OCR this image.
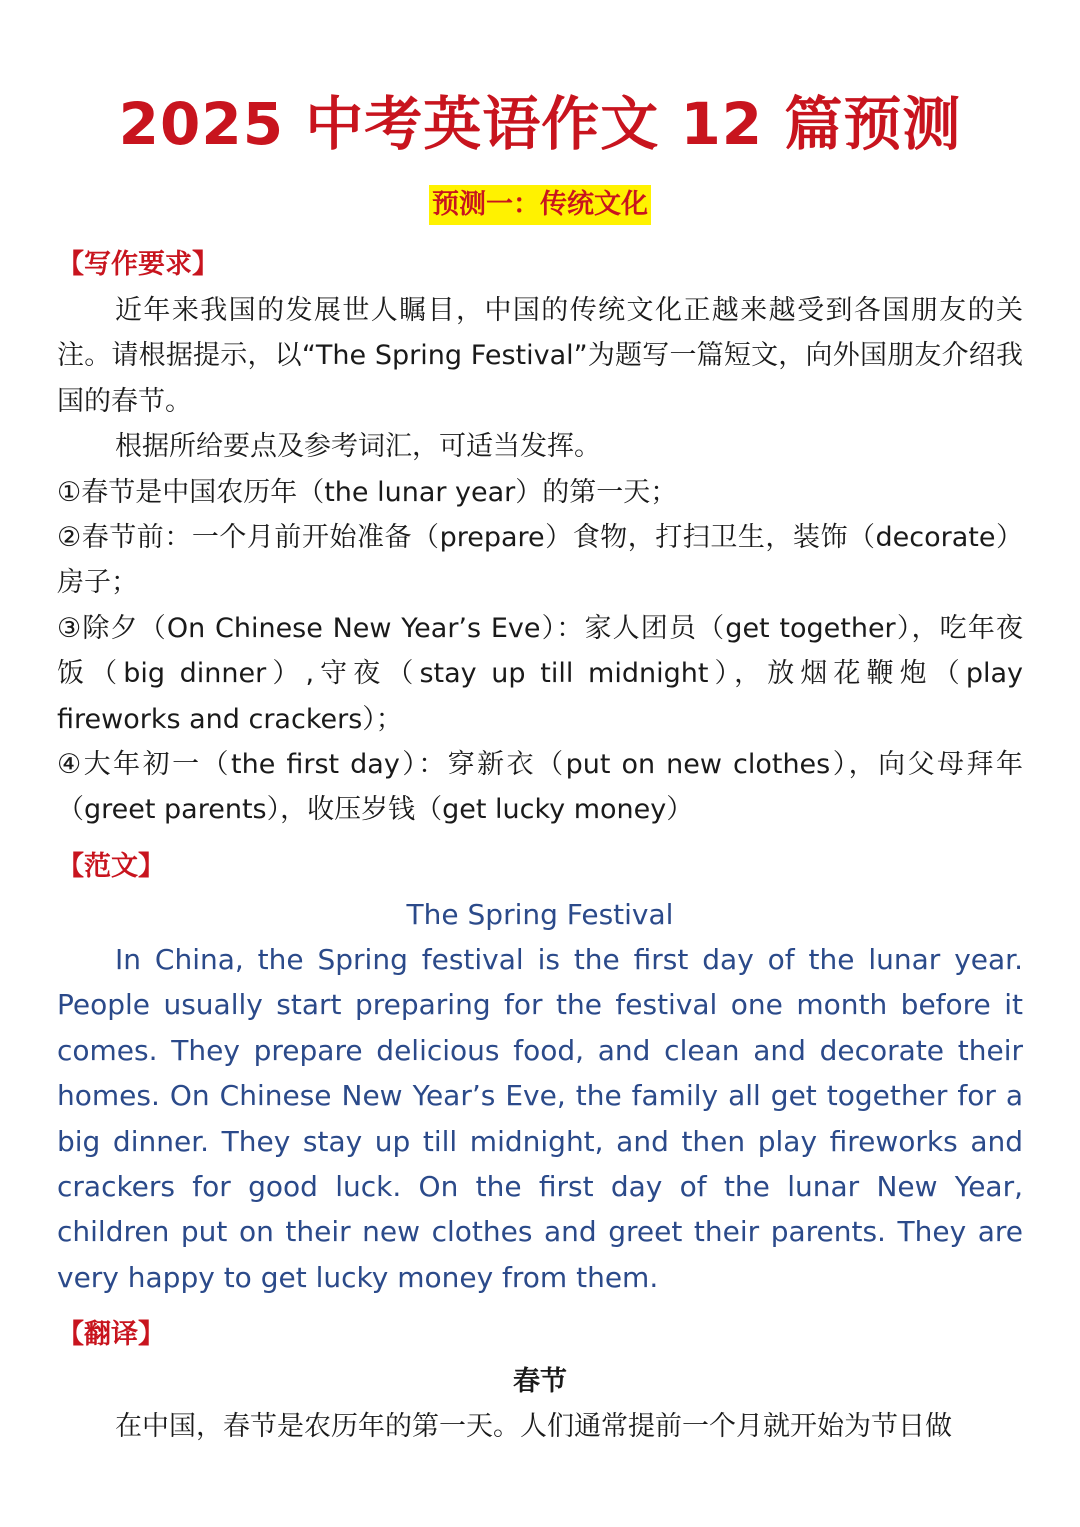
2025 中考英语作文 12 篇预测
预测一：传统文化
【写作要求】

近年来我国的发展世人瞩目，中国的传统文化正越来越受到各国朋友的关注。请根据提示，以“The Spring Festival”为题写一篇短文，向外国朋友介绍我国的春节。

根据所给要点及参考词汇，可适当发挥。

①春节是中国农历年（the lunar year）的第一天；

②春节前：一个月前开始准备（prepare）食物，打扫卫生，装饰（decorate）房子；

③除夕（On Chinese New Year’s Eve）：家人团员（get together），吃年夜饭（big dinner）,守夜（stay up till midnight），放烟花鞭炮（play fireworks and crackers）；

④大年初一（the first day）：穿新衣（put on new clothes），向父母拜年（greet parents），收压岁钱（get lucky money）

【范文】
The Spring Festival

In China, the Spring festival is the first day of the lunar year. People usually start preparing for the festival one month before it comes. They prepare delicious food, and clean and decorate their homes. On Chinese New Year’s Eve, the family all get together for a big dinner. They stay up till midnight, and then play fireworks and crackers for good luck. On the first day of the lunar New Year, children put on their new clothes and greet their parents. They are very happy to get lucky money from them.

【翻译】
春节

在中国，春节是农历年的第一天。人们通常提前一个月就开始为节日做
